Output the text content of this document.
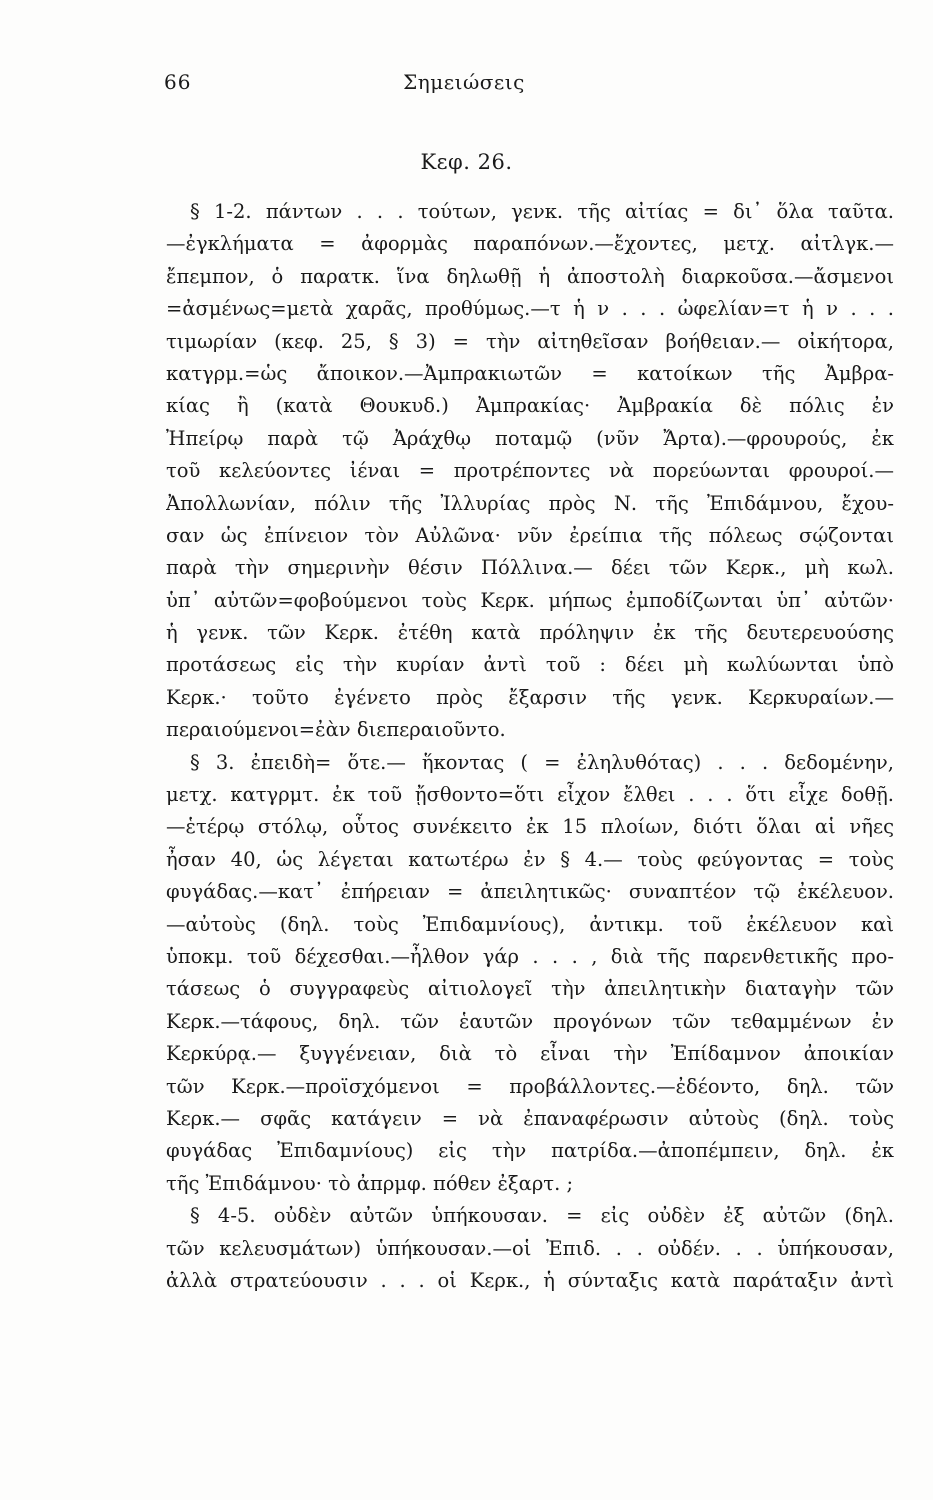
66	Σημειώσεις
Κεφ. 26.
§ 1-2. πάντων . . . τούτων, γενκ. τῆς αἰτίας = δι᾽ ὅλα ταῦτα.
—ἐγκλήματα = ἀφορμὰς παραπόνων.—ἔχοντες, μετχ. αἰτλγκ.—
ἔπεμπον, ὁ παρατκ. ἵνα δηλωθῇ ἡ ἀποστολὴ διαρκοῦσα.—ἄσμενοι
=ἀσμένως=μετὰ χαρᾶς, προθύμως.—τ ἡ ν . . . ὠφελίαν=τ ἡ ν . . .
τιμωρίαν (κεφ. 25, § 3) = τὴν αἰτηθεῖσαν βοήθειαν.— οἰκήτορα,
κατγρμ.=ὡς ἄποικον.—Ἀμπρακιωτῶν = κατοίκων τῆς Ἀμβρα-
κίας ἢ (κατὰ Θουκυδ.) Ἀμπρακίας· Ἀμβρακία δὲ πόλις ἐν
Ἠπείρῳ παρὰ τῷ Ἀράχθῳ ποταμῷ (νῦν Ἄρτα).—φρουρούς, ἐκ
τοῦ κελεύοντες ἰέναι = προτρέποντες νὰ πορεύωνται φρουροί.—
Ἀπολλωνίαν, πόλιν τῆς Ἰλλυρίας πρὸς Ν. τῆς Ἐπιδάμνου, ἔχου-
σαν ὡς ἐπίνειον τὸν Αὐλῶνα· νῦν ἐρείπια τῆς πόλεως σῴζονται
παρὰ τὴν σημερινὴν θέσιν Πόλλινα.— δέει τῶν Κερκ., μὴ κωλ.
ὑπ᾽ αὐτῶν=φοβούμενοι τοὺς Κερκ. μήπως ἐμποδίζωνται ὑπ᾽ αὐτῶν·
ἡ γενκ. τῶν Κερκ. ἐτέθη κατὰ πρόληψιν ἐκ τῆς δευτερευούσης
προτάσεως εἰς τὴν κυρίαν ἀντὶ τοῦ : δέει μὴ κωλύωνται ὑπὸ
Κερκ.· τοῦτο ἐγένετο πρὸς ἔξαρσιν τῆς γενκ. Κερκυραίων.—
περαιούμενοι=ἐὰν διεπεραιοῦντο.
§ 3. ἐπειδὴ= ὅτε.— ἥκοντας ( = ἐληλυθότας) . . . δεδομένην,
μετχ. κατγρμτ. ἐκ τοῦ ᾔσθοντο=ὅτι εἶχον ἔλθει . . . ὅτι εἶχε δοθῇ.
—ἑτέρῳ στόλῳ, οὗτος συνέκειτο ἐκ 15 πλοίων, διότι ὅλαι αἱ νῆες
ἦσαν 40, ὡς λέγεται κατωτέρω ἐν § 4.— τοὺς φεύγοντας = τοὺς
φυγάδας.—κατ᾽ ἐπήρειαν = ἀπειλητικῶς· συναπτέον τῷ ἐκέλευον.
—αὐτοὺς (δηλ. τοὺς Ἐπιδαμνίους), ἀντικμ. τοῦ ἐκέλευον καὶ
ὑποκμ. τοῦ δέχεσθαι.—ἦλθον γάρ . . . , διὰ τῆς παρενθετικῆς προ-
τάσεως ὁ συγγραφεὺς αἰτιολογεῖ τὴν ἀπειλητικὴν διαταγὴν τῶν
Κερκ.—τάφους, δηλ. τῶν ἑαυτῶν προγόνων τῶν τεθαμμένων ἐν
Κερκύρᾳ.— ξυγγένειαν, διὰ τὸ εἶναι τὴν Ἐπίδαμνον ἀποικίαν
τῶν Κερκ.—προϊσχόμενοι = προβάλλοντες.—ἐδέοντο, δηλ. τῶν
Κερκ.— σφᾶς κατάγειν = νὰ ἐπαναφέρωσιν αὐτοὺς (δηλ. τοὺς
φυγάδας Ἐπιδαμνίους) εἰς τὴν πατρίδα.—ἀποπέμπειν, δηλ. ἐκ
τῆς Ἐπιδάμνου· τὸ ἀπρμφ. πόθεν ἐξαρτ. ;
§ 4-5. οὐδὲν αὐτῶν ὑπήκουσαν. = εἰς οὐδὲν ἐξ αὐτῶν (δηλ.
τῶν κελευσμάτων) ὑπήκουσαν.—οἱ Ἐπιδ. . . οὐδέν. . . ὑπήκουσαν,
ἀλλὰ στρατεύουσιν . . . οἱ Κερκ., ἡ σύνταξις κατὰ παράταξιν ἀντὶ
